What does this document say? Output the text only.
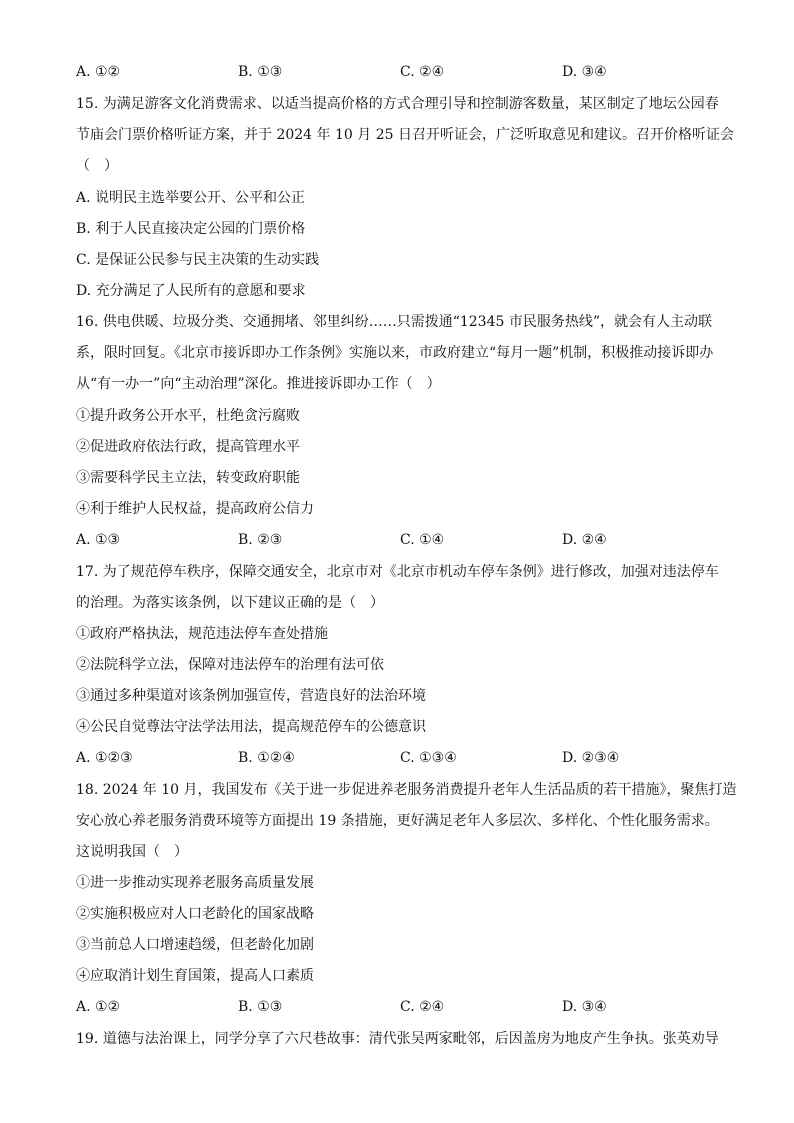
A. ①②	B. ①③	C. ②④	D. ③④
15. 为满足游客文化消费需求、以适当提高价格的方式合理引导和控制游客数量，某区制定了地坛公园春
节庙会门票价格听证方案，并于 2024 年 10 月 25 日召开听证会，广泛听取意见和建议。召开价格听证会
（　）
A. 说明民主选举要公开、公平和公正
B. 利于人民直接决定公园的门票价格
C. 是保证公民参与民主决策的生动实践
D. 充分满足了人民所有的意愿和要求
16. 供电供暖、垃圾分类、交通拥堵、邻里纠纷……只需拨通“12345 市民服务热线”，就会有人主动联
系，限时回复。《北京市接诉即办工作条例》实施以来，市政府建立“每月一题”机制，积极推动接诉即办
从“有一办一”向“主动治理”深化。推进接诉即办工作（　）
①提升政务公开水平，杜绝贪污腐败
②促进政府依法行政，提高管理水平
③需要科学民主立法，转变政府职能
④利于维护人民权益，提高政府公信力
A. ①③	B. ②③	C. ①④	D. ②④
17. 为了规范停车秩序，保障交通安全，北京市对《北京市机动车停车条例》进行修改，加强对违法停车
的治理。为落实该条例，以下建议正确的是（　）
①政府严格执法，规范违法停车查处措施
②法院科学立法，保障对违法停车的治理有法可依
③通过多种渠道对该条例加强宣传，营造良好的法治环境
④公民自觉尊法守法学法用法，提高规范停车的公德意识
A. ①②③	B. ①②④	C. ①③④	D. ②③④
18. 2024 年 10 月，我国发布《关于进一步促进养老服务消费提升老年人生活品质的若干措施》，聚焦打造
安心放心养老服务消费环境等方面提出 19 条措施，更好满足老年人多层次、多样化、个性化服务需求。
这说明我国（　）
①进一步推动实现养老服务高质量发展
②实施积极应对人口老龄化的国家战略
③当前总人口增速趋缓，但老龄化加剧
④应取消计划生育国策，提高人口素质
A. ①②	B. ①③	C. ②④	D. ③④
19. 道德与法治课上，同学分享了六尺巷故事：清代张吴两家毗邻，后因盖房为地皮产生争执。张英劝导
